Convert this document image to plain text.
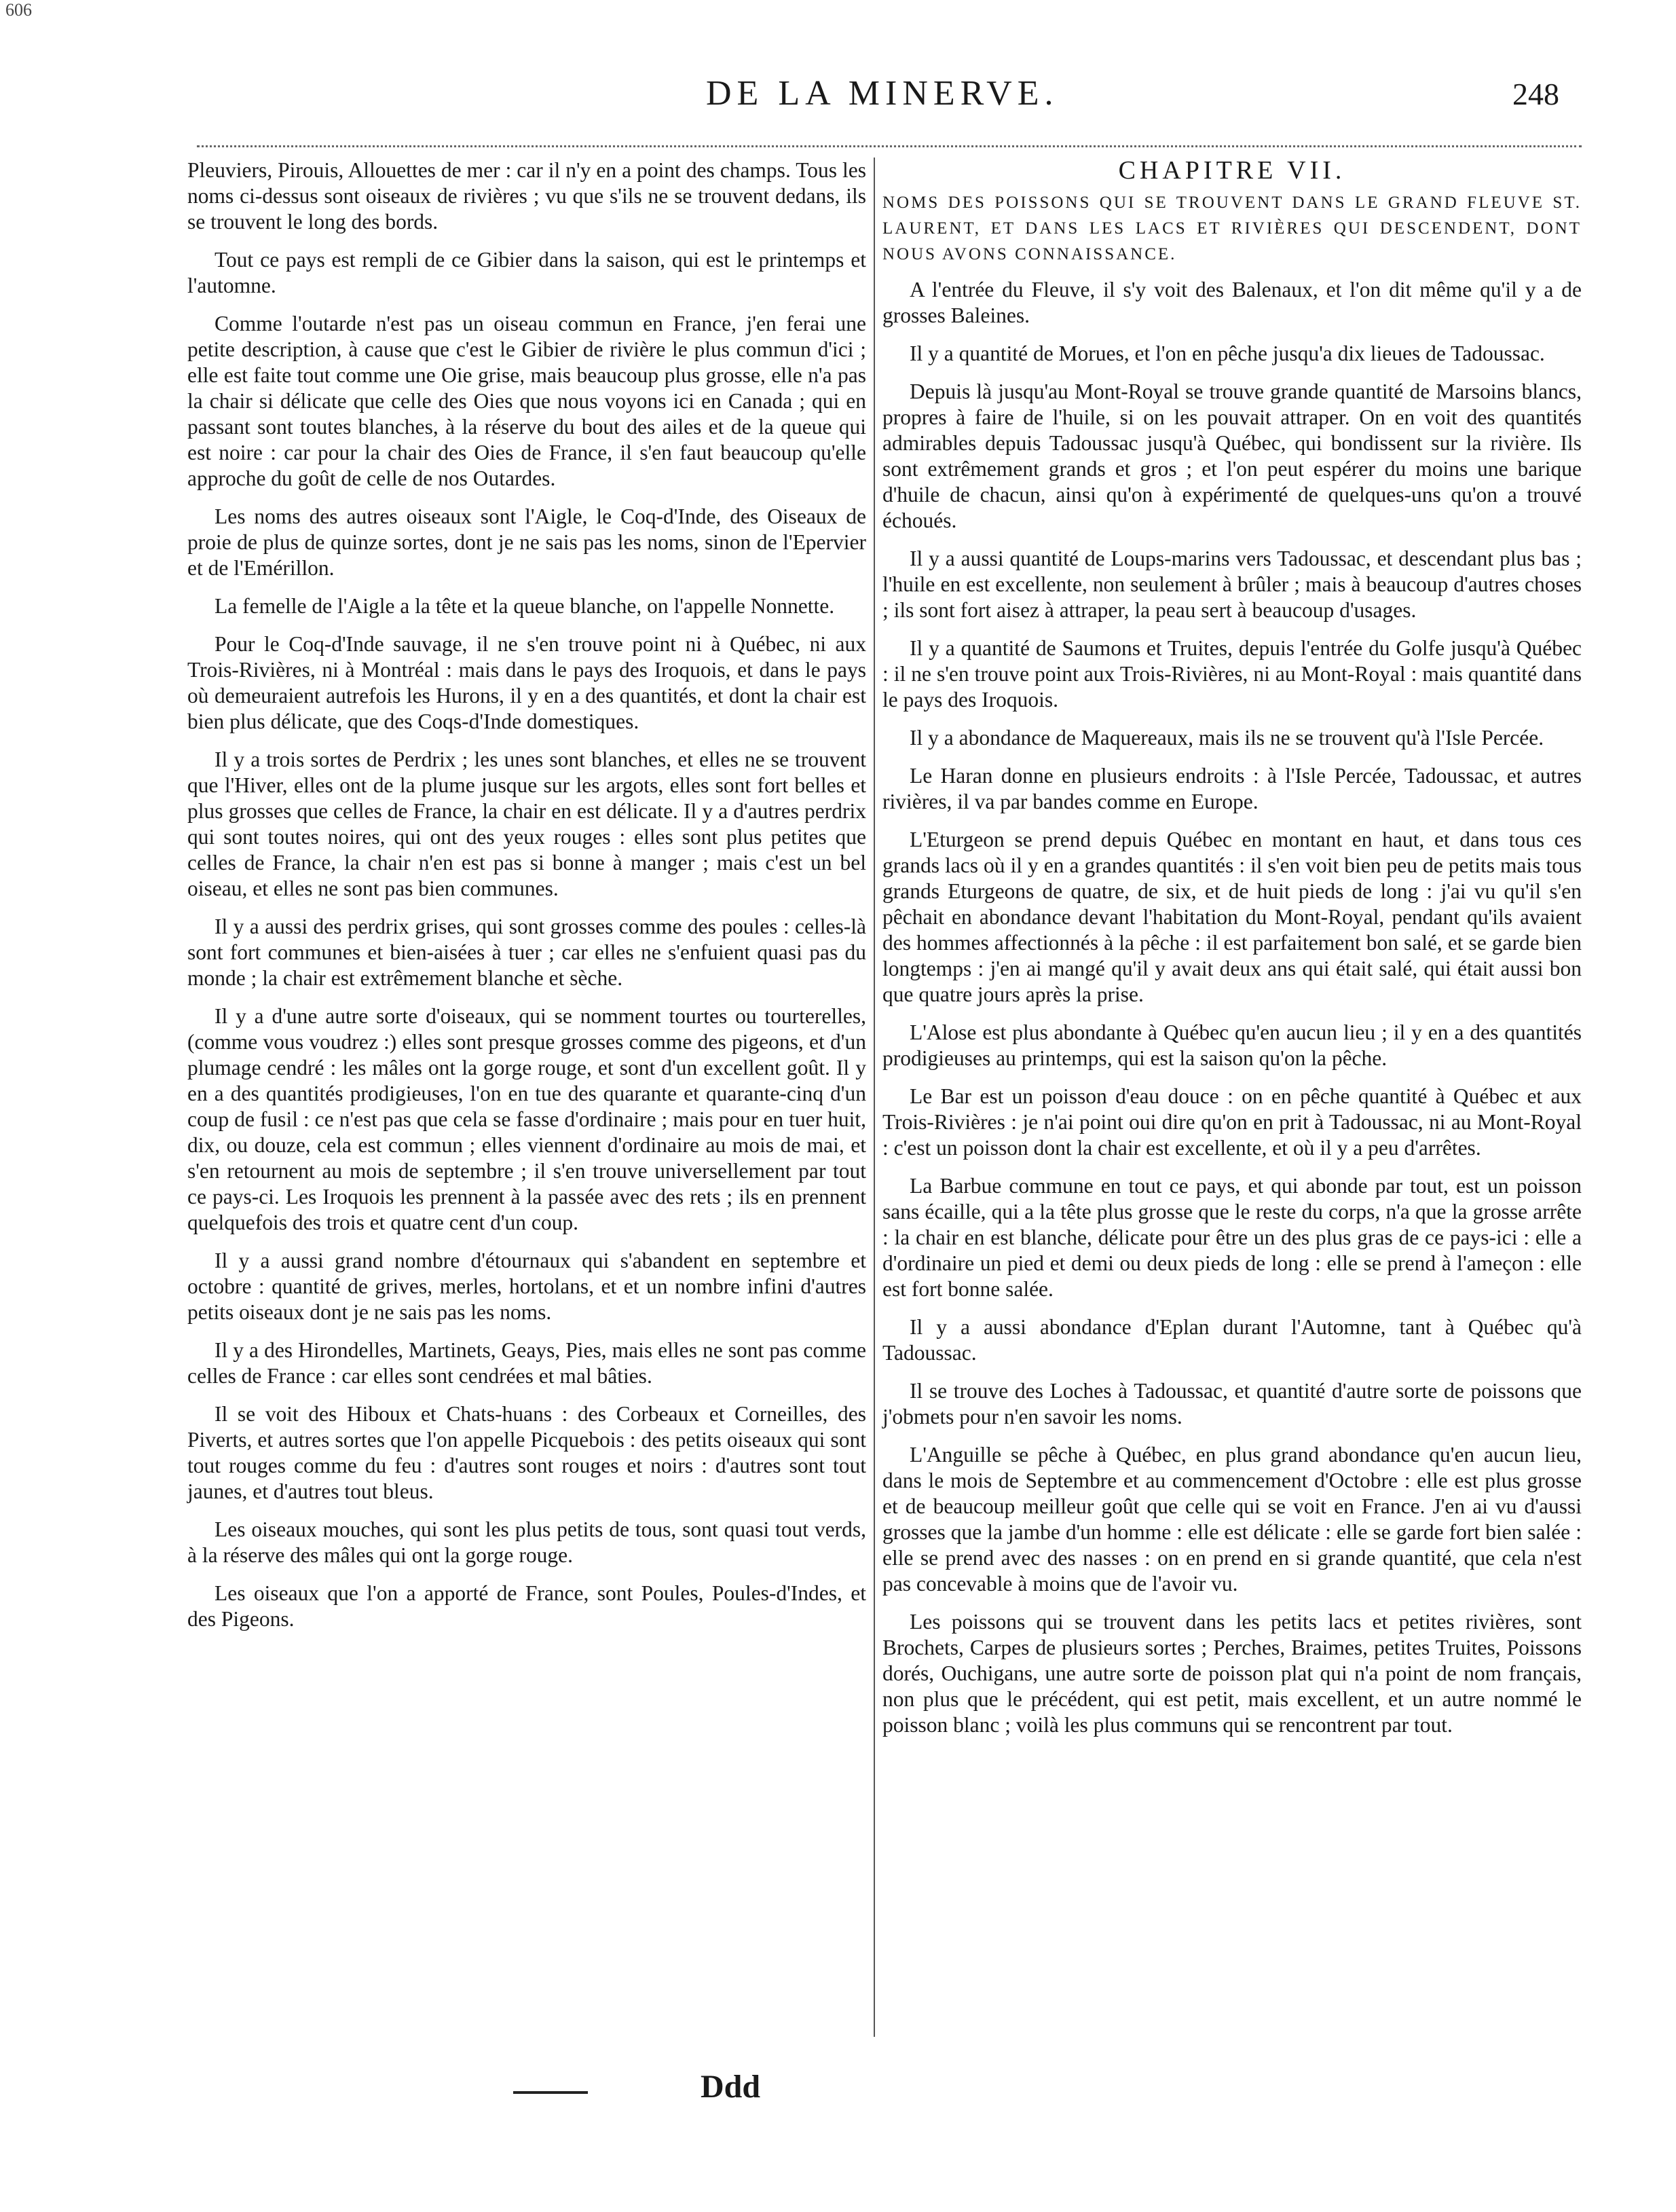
606
DE LA MINERVE.	248

Pleuviers, Pirouis, Allouettes de mer : car il n'y en a point des champs. Tous les noms ci-dessus sont oiseaux de rivières ; vu que s'ils ne se trouvent dedans, ils se trouvent le long des bords.

Tout ce pays est rempli de ce Gibier dans la saison, qui est le printemps et l'automne.

Comme l'outarde n'est pas un oiseau commun en France, j'en ferai une petite description, à cause que c'est le Gibier de rivière le plus commun d'ici ; elle est faite tout comme une Oie grise, mais beaucoup plus grosse, elle n'a pas la chair si délicate que celle des Oies que nous voyons ici en Canada ; qui en passant sont toutes blanches, à la réserve du bout des ailes et de la queue qui est noire : car pour la chair des Oies de France, il s'en faut beaucoup qu'elle approche du goût de celle de nos Outardes.

Les noms des autres oiseaux sont l'Aigle, le Coq-d'Inde, des Oiseaux de proie de plus de quinze sortes, dont je ne sais pas les noms, sinon de l'Epervier et de l'Emérillon.

La femelle de l'Aigle a la tête et la queue blanche, on l'appelle Nonnette.

Pour le Coq-d'Inde sauvage, il ne s'en trouve point ni à Québec, ni aux Trois-Rivières, ni à Montréal : mais dans le pays des Iroquois, et dans le pays où demeuraient autrefois les Hurons, il y en a des quantités, et dont la chair est bien plus délicate, que des Coqs-d'Inde domestiques.

Il y a trois sortes de Perdrix ; les unes sont blanches, et elles ne se trouvent que l'Hiver, elles ont de la plume jusque sur les argots, elles sont fort belles et plus grosses que celles de France, la chair en est délicate. Il y a d'autres perdrix qui sont toutes noires, qui ont des yeux rouges : elles sont plus petites que celles de France, la chair n'en est pas si bonne à manger ; mais c'est un bel oiseau, et elles ne sont pas bien communes.

Il y a aussi des perdrix grises, qui sont grosses comme des poules : celles-là sont fort communes et bien-aisées à tuer ; car elles ne s'enfuient quasi pas du monde ; la chair est extrêmement blanche et sèche.

Il y a d'une autre sorte d'oiseaux, qui se nomment tourtes ou tourterelles, (comme vous voudrez :) elles sont presque grosses comme des pigeons, et d'un plumage cendré : les mâles ont la gorge rouge, et sont d'un excellent goût. Il y en a des quantités prodigieuses, l'on en tue des quarante et quarante-cinq d'un coup de fusil : ce n'est pas que cela se fasse d'ordinaire ; mais pour en tuer huit, dix, ou douze, cela est commun ; elles viennent d'ordinaire au mois de mai, et s'en retournent au mois de septembre ; il s'en trouve universellement par tout ce pays-ci. Les Iroquois les prennent à la passée avec des rets ; ils en prennent quelquefois des trois et quatre cent d'un coup.

Il y a aussi grand nombre d'étournaux qui s'abandent en septembre et octobre : quantité de grives, merles, hortolans, et et un nombre infini d'autres petits oiseaux dont je ne sais pas les noms.

Il y a des Hirondelles, Martinets, Geays, Pies, mais elles ne sont pas comme celles de France : car elles sont cendrées et mal bâties.

Il se voit des Hiboux et Chats-huans : des Corbeaux et Corneilles, des Piverts, et autres sortes que l'on appelle Picquebois : des petits oiseaux qui sont tout rouges comme du feu : d'autres sont rouges et noirs : d'autres sont tout jaunes, et d'autres tout bleus.

Les oiseaux mouches, qui sont les plus petits de tous, sont quasi tout verds, à la réserve des mâles qui ont la gorge rouge.

Les oiseaux que l'on a apporté de France, sont Poules, Poules-d'Indes, et des Pigeons.

CHAPITRE VII.
NOMS DES POISSONS QUI SE TROUVENT DANS LE GRAND FLEUVE ST. LAURENT, ET DANS LES LACS ET RIVIÈRES QUI DESCENDENT, DONT NOUS AVONS CONNAISSANCE.

A l'entrée du Fleuve, il s'y voit des Balenaux, et l'on dit même qu'il y a de grosses Baleines.

Il y a quantité de Morues, et l'on en pêche jusqu'a dix lieues de Tadoussac.

Depuis là jusqu'au Mont-Royal se trouve grande quantité de Marsoins blancs, propres à faire de l'huile, si on les pouvait attraper. On en voit des quantités admirables depuis Tadoussac jusqu'à Québec, qui bondissent sur la rivière. Ils sont extrêmement grands et gros ; et l'on peut espérer du moins une barique d'huile de chacun, ainsi qu'on à expérimenté de quelques-uns qu'on a trouvé échoués.

Il y a aussi quantité de Loups-marins vers Tadoussac, et descendant plus bas ; l'huile en est excellente, non seulement à brûler ; mais à beaucoup d'autres choses ; ils sont fort aisez à attraper, la peau sert à beaucoup d'usages.

Il y a quantité de Saumons et Truites, depuis l'entrée du Golfe jusqu'à Québec : il ne s'en trouve point aux Trois-Rivières, ni au Mont-Royal : mais quantité dans le pays des Iroquois.

Il y a abondance de Maquereaux, mais ils ne se trouvent qu'à l'Isle Percée.

Le Haran donne en plusieurs endroits : à l'Isle Percée, Tadoussac, et autres rivières, il va par bandes comme en Europe.

L'Eturgeon se prend depuis Québec en montant en haut, et dans tous ces grands lacs où il y en a grandes quantités : il s'en voit bien peu de petits mais tous grands Eturgeons de quatre, de six, et de huit pieds de long : j'ai vu qu'il s'en pêchait en abondance devant l'habitation du Mont-Royal, pendant qu'ils avaient des hommes affectionnés à la pêche : il est parfaitement bon salé, et se garde bien longtemps : j'en ai mangé qu'il y avait deux ans qui était salé, qui était aussi bon que quatre jours après la prise.

L'Alose est plus abondante à Québec qu'en aucun lieu ; il y en a des quantités prodigieuses au printemps, qui est la saison qu'on la pêche.

Le Bar est un poisson d'eau douce : on en pêche quantité à Québec et aux Trois-Rivières : je n'ai point oui dire qu'on en prit à Tadoussac, ni au Mont-Royal : c'est un poisson dont la chair est excellente, et où il y a peu d'arrêtes.

La Barbue commune en tout ce pays, et qui abonde par tout, est un poisson sans écaille, qui a la tête plus grosse que le reste du corps, n'a que la grosse arrête : la chair en est blanche, délicate pour être un des plus gras de ce pays-ici : elle a d'ordinaire un pied et demi ou deux pieds de long : elle se prend à l'ameçon : elle est fort bonne salée.

Il y a aussi abondance d'Eplan durant l'Automne, tant à Québec qu'à Tadoussac.

Il se trouve des Loches à Tadoussac, et quantité d'autre sorte de poissons que j'obmets pour n'en savoir les noms.

L'Anguille se pêche à Québec, en plus grand abondance qu'en aucun lieu, dans le mois de Septembre et au commencement d'Octobre : elle est plus grosse et de beaucoup meilleur goût que celle qui se voit en France. J'en ai vu d'aussi grosses que la jambe d'un homme : elle est délicate : elle se garde fort bien salée : elle se prend avec des nasses : on en prend en si grande quantité, que cela n'est pas concevable à moins que de l'avoir vu.

Les poissons qui se trouvent dans les petits lacs et petites rivières, sont Brochets, Carpes de plusieurs sortes ; Perches, Braimes, petites Truites, Poissons dorés, Ouchigans, une autre sorte de poisson plat qui n'a point de nom français, non plus que le précédent, qui est petit, mais excellent, et un autre nommé le poisson blanc ; voilà les plus communs qui se rencontrent par tout.

Ddd
